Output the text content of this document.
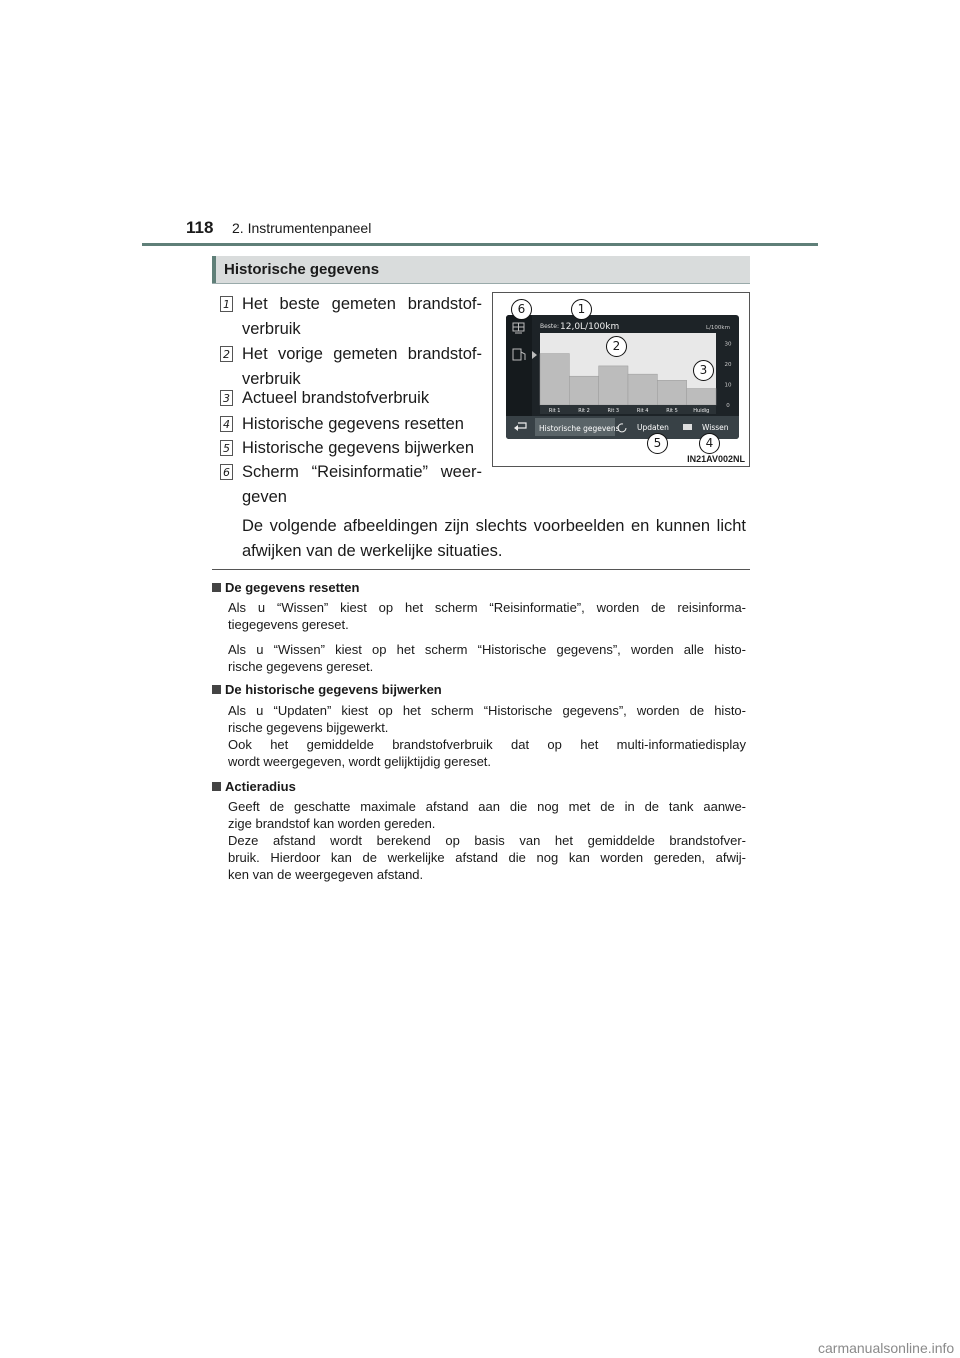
118 2. Instrumentenpaneel
Historische gegevens
1 Het beste gemeten brandstof-verbruik
2 Het vorige gemeten brandstof-verbruik
3 Actueel brandstofverbruik
4 Historische gegevens resetten
5 Historische gegevens bijwerken
6 Scherm “Reisinformatie” weer-geven
Beste: 12,0L/100km	L/100km
30
20
10
0
Rit 1	Rit 2	Rit 3	Rit 4	Rit 5	Huidig
Historische gegevens Updaten	Wissen
6	1
2
3
5	4
IN21AV002NL
De volgende afbeeldingen zijn slechts voorbeelden en kunnen licht
afwijken van de werkelijke situaties.
De gegevens resetten
Als u “Wissen” kiest op het scherm “Reisinformatie”, worden de reisinforma-
tiegegevens gereset.
Als u “Wissen” kiest op het scherm “Historische gegevens”, worden alle histo-
rische gegevens gereset.
De historische gegevens bijwerken
Als u “Updaten” kiest op het scherm “Historische gegevens”, worden de histo-
rische gegevens bijgewerkt.
Ook het gemiddelde brandstofverbruik dat op het multi-informatiedisplay
wordt weergegeven, wordt gelijktijdig gereset.
Actieradius
Geeft de geschatte maximale afstand aan die nog met de in de tank aanwe-
zige brandstof kan worden gereden.
Deze afstand wordt berekend op basis van het gemiddelde brandstofver-
bruik. Hierdoor kan de werkelijke afstand die nog kan worden gereden, afwij-
ken van de weergegeven afstand.
carmanualsonline.info
